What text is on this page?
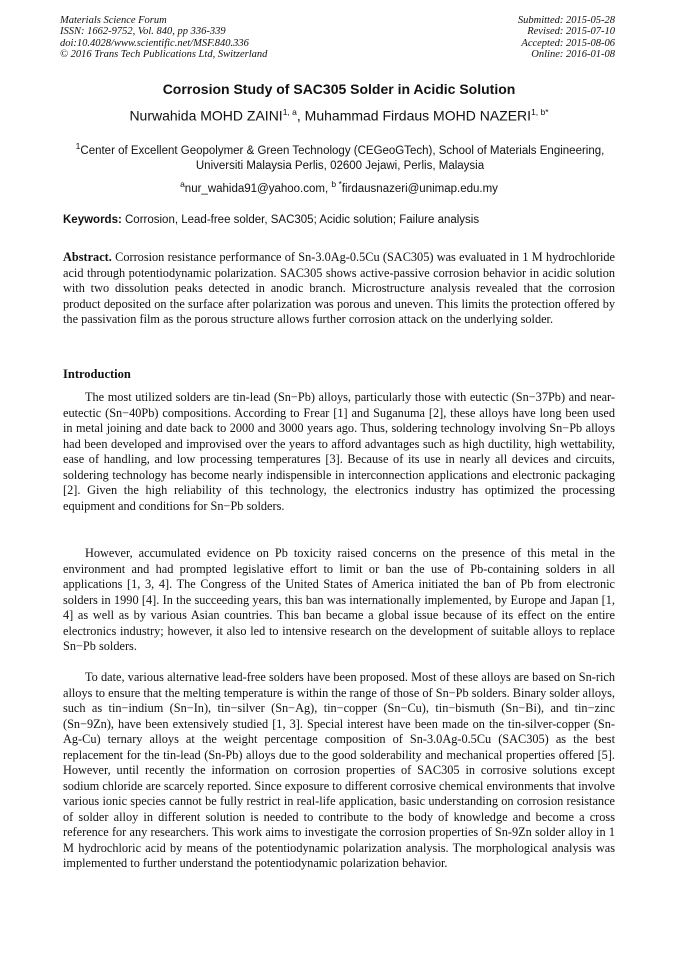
Materials Science Forum
ISSN: 1662-9752, Vol. 840, pp 336-339
doi:10.4028/www.scientific.net/MSF.840.336
© 2016 Trans Tech Publications Ltd, Switzerland
Submitted: 2015-05-28
Revised: 2015-07-10
Accepted: 2015-08-06
Online: 2016-01-08
Corrosion Study of SAC305 Solder in Acidic Solution
Nurwahida MOHD ZAINI$^{1, a}$, Muhammad Firdaus MOHD $NAZERI^{1, b*}$
$^1$Center of Excellent Geopolymer & Green Technology (CEGeoGTech), School of Materials Engineering, Universiti Malaysia Perlis, 02600 Jejawi, Perlis, Malaysia
$^a$nur_wahida91@yahoo.com, $^{b *}$firdausnazeri@unimap.edu.my
Keywords: Corrosion, Lead-free solder, SAC305; Acidic solution; Failure analysis
Abstract. Corrosion resistance performance of Sn-3.0Ag-0.5Cu (SAC305) was evaluated in 1 M hydrochloride acid through potentiodynamic polarization. SAC305 shows active-passive corrosion behavior in acidic solution with two dissolution peaks detected in anodic branch. Microstructure analysis revealed that the corrosion product deposited on the surface after polarization was porous and uneven. This limits the protection offered by the passivation film as the porous structure allows further corrosion attack on the underlying solder.
Introduction

The most utilized solders are tin-lead (Sn−Pb) alloys, particularly those with eutectic (Sn−37Pb) and near-eutectic (Sn−40Pb) compositions. According to Frear [1] and Suganuma [2], these alloys have long been used in metal joining and date back to 2000 and 3000 years ago. Thus, soldering technology involving Sn−Pb alloys had been developed and improvised over the years to afford advantages such as high ductility, high wettability, ease of handling, and low processing temperatures [3]. Because of its use in nearly all devices and circuits, soldering technology has become nearly indispensible in interconnection applications and electronic packaging [2]. Given the high reliability of this technology, the electronics industry has optimized the processing equipment and conditions for Sn−Pb solders.

However, accumulated evidence on Pb toxicity raised concerns on the presence of this metal in the environment and had prompted legislative effort to limit or ban the use of Pb-containing solders in all applications [1, 3, 4]. The Congress of the United States of America initiated the ban of Pb from electronic solders in 1990 [4]. In the succeeding years, this ban was internationally implemented, by Europe and Japan [1, 4] as well as by various Asian countries. This ban became a global issue because of its effect on the entire electronics industry; however, it also led to intensive research on the development of suitable alloys to replace Sn−Pb solders.

To date, various alternative lead-free solders have been proposed. Most of these alloys are based on Sn-rich alloys to ensure that the melting temperature is within the range of those of Sn−Pb solders. Binary solder alloys, such as tin−indium (Sn−In), tin−silver (Sn−Ag), tin−copper (Sn−Cu), tin−bismuth (Sn−Bi), and tin−zinc (Sn−9Zn), have been extensively studied [1, 3]. Special interest have been made on the tin-silver-copper (Sn-Ag-Cu) ternary alloys at the weight percentage composition of Sn-3.0Ag-0.5Cu (SAC305) as the best replacement for the tin-lead (Sn-Pb) alloys due to the good solderability and mechanical properties offered [5]. However, until recently the information on corrosion properties of SAC305 in corrosive solutions except sodium chloride are scarcely reported. Since exposure to different corrosive chemical environments that involve various ionic species cannot be fully restrict in real-life application, basic understanding on corrosion resistance of solder alloy in different solution is needed to contribute to the body of knowledge and become a cross reference for any researchers. This work aims to investigate the corrosion properties of Sn-9Zn solder alloy in 1 M hydrochloric acid by means of the potentiodynamic polarization analysis. The morphological analysis was implemented to further understand the potentiodynamic polarization behavior.
